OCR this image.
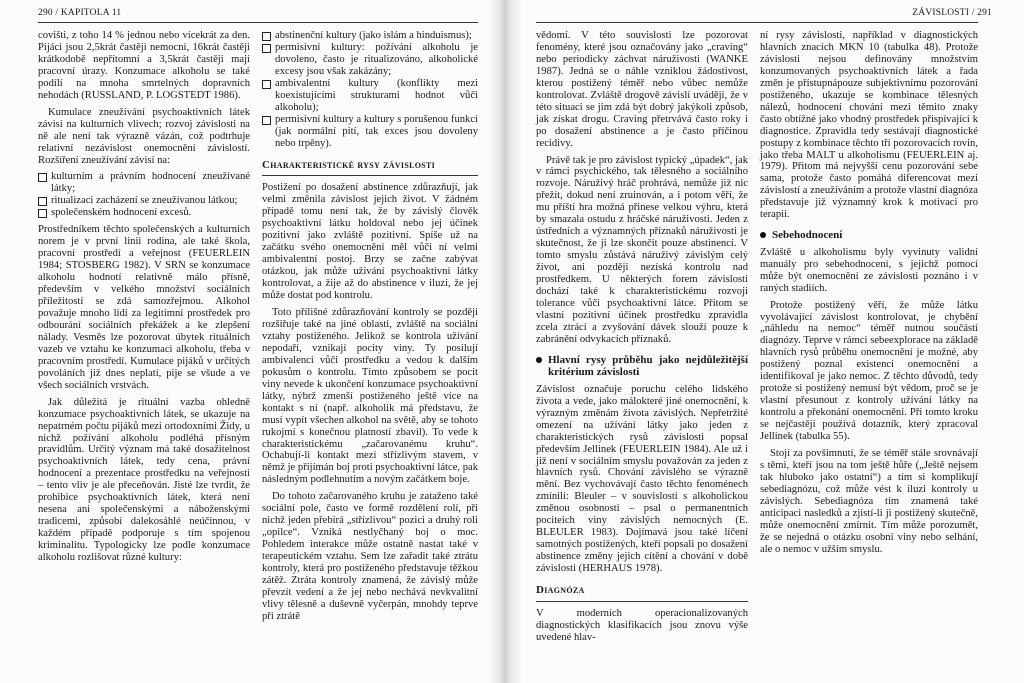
290 / KAPITOLA 11	ZÁVISLOSTI / 291

covišti, z toho 14 % jednou nebo vícekrát za den. Pijáci jsou 2,5krát častěji nemocní, 16krát častěji krátkodobě nepřítomní a 3,5krát častěji mají pracovní úrazy. Konzumace alkoholu se také podílí na mnoha smrtelných dopravních nehodách (RUSSLAND, P. LOGSTEDT 1986).

Kumulace zneužívání psychoaktivních látek závisí na kulturních vlivech; rozvoj závislosti na ně ale není tak výrazně vázán, což podtrhuje relativní nezávislost onemocnění závislostí. Rozšíření zneužívání závisí na:

kulturním a právním hodnocení zneužívané látky;
ritualizaci zacházení se zneužívanou látkou;
společenském hodnocení excesů.

Prostředníkem těchto společenských a kulturních norem je v první linii rodina, ale také škola, pracovní prostředí a veřejnost (FEUERLEIN 1984; STOSBERG 1982). V SRN se konzumace alkoholu hodnotí relativně málo přísně, především v velkého množství sociálních příležitostí se zdá samozřejmou. Alkohol považuje mnoho lidí za legitimní prostředek pro odbourání sociálních překážek a ke zlepšení nálady. Vesměs lze pozorovat úbytek rituálních vazeb ve vztahu ke konzumaci alkoholu, třeba v pracovním prostředí. Kumulace pijáků v určitých povoláních již dnes neplatí, pije se všude a ve všech sociálních vrstvách.

Jak důležitá je rituální vazba ohledně konzumace psychoaktivních látek, se ukazuje na nepatrném počtu pijáků mezi ortodoxními Židy, u nichž požívání alkoholu podléhá přísným pravidlům. Určitý význam má také dosažitelnost psychoaktivních látek, tedy cena, právní hodnocení a prezentace prostředku na veřejnosti – tento vliv je ale přeceňován. Jisté lze tvrdit, že prohibice psychoaktivních látek, která není nesena ani společenskými a náboženskými tradicemi, způsobí dalekosáhlé neúčinnou, v každém případě podporuje s tím spojenou kriminalitu. Typologicky lze podle konzumace alkoholu rozlišovat různé kultury:

abstinenční kultury (jako islám a hinduismus);
permisivní kultury: požívání alkoholu je dovoleno, často je ritualizováno, alkoholické excesy jsou však zakázány;
ambivalentní kultury (konflikty mezi koexistujícími strukturami hodnot vůči alkoholu);
permisivní kultury a kultury s porušenou funkcí (jak normální pití, tak exces jsou dovoleny nebo trpěny).
Charakteristické rysy závislosti

Postižení po dosažení abstinence zdůrazňují, jak velmi změnila závislost jejich život. V žádném případě tomu není tak, že by závislý člověk psychoaktivní látku holdoval nebo jej účinek pozitivní jako zvláště pozitivní. Spíše už na začátku svého onemocnění měl vůči ní velmi ambivalentní postoj. Brzy se začne zabývat otázkou, jak může užívání psychoaktivní látky kontrolovat, a žije až do abstinence v iluzi, že jej může dostat pod kontrolu.

Toto přílišné zdůrazňování kontroly se později rozšiřuje také na jiné oblasti, zvláště na sociální vztahy postiženého. Jelikož se kontrola užívání nepodaří, vznikají pocity viny. Ty posilují ambivalenci vůči prostředku a vedou k dalším pokusům o kontrolu. Tímto způsobem se pocit viny nevede k ukončení konzumace psychoaktivní látky, nýbrž zmenší postiženého ještě více na kontakt s ní (např. alkoholik má představu, že musí vypít všechen alkohol na světě, aby se tohoto rukojmí s konečnou platností zbavil). To vede k charakteristickému „začarovanému kruhu“. Ochabují-li kontakt mezi střízlivým stavem, v němž je přijímán boj proti psychoaktivní látce, pak následným podlehnutím a novým začátkem boje.

Do tohoto začarovaného kruhu je zataženo také sociální pole, často ve formě rozdělení rolí, při nichž jeden přebírá „střízlivou“ pozici a druhý roli „opilce“. Vzniká nestlyčhaný boj o moc. Pohledem interakce může ostatně nastat také v terapeutickém vztahu. Sem lze zařadit také ztrátu kontroly, která pro postiženého představuje těžkou zátěž. Ztráta kontroly znamená, že závislý může převzít vedení a že jej nebo nechává nevkvalitní vlivy tělesně a duševně vyčerpán, mnohdy teprve při ztrátě

vědomí. V této souvislosti lze pozorovat fenomény, které jsou označovány jako „craving“ nebo periodicky záchvat náruživosti (WANKE 1987). Jedná se o náhle vzniklou žádostivost, kterou postižený téměř nebo vůbec nemůže kontrolovat. Zvláště drogově závislí uvádějí, že v této situaci se jim zdá být dobrý jakýkoli způsob, jak získat drogu. Craving přetrvává často roky i po dosažení abstinence a je často příčinou recidivy.

Právě tak je pro závislost typický „úpadek“, jak v rámci psychického, tak tělesného a sociálního rozvoje. Náruživý hráč prohrává, nemůže již nic přežít, dokud není zruinován, a i potom věří, že mu příští hra možná přinese velkou výhru, která by smazala ostudu z hráčské náruživosti. Jeden z ústředních a významných příznaků náruživosti je skutečnost, že ji lze skončit pouze abstinencí. V tomto smyslu zůstává náruživý závislým celý život, ani později nezíská kontrolu nad prostředkem. U některých forem závislosti dochází také k charakteristickému rozvoji tolerance vůči psychoaktivní látce. Přitom se vlastní pozitivní účinek prostředku zpravidla zcela ztrácí a zvyšování dávek slouží pouze k zabránění odvykacích příznaků.

Hlavní rysy průběhu jako nejdůležitější kritérium závislosti

Závislost označuje poruchu celého lidského života a vede, jako málokteré jiné onemocnění, k výrazným změnám života závislých. Nepřetržité omezení na užívání látky jako jeden z charakteristických rysů závislosti popsal především Jellinek (FEUERLEIN 1984). Ale už i již není v sociálním smyslu považován za jeden z hlavních rysů. Chování závislého se výrazně mění. Bez vychovávají často těchto fenoménech zmínili: Bleuler – v souvislosti s alkoholickou změnou osobnosti – psal o permanentních pociteich viny závislých nemocných (E. BLEULER 1983). Dojímavá jsou také líčení samotných postižených, kteří popsali po dosažení abstinence změny jejich cítění a chování v době závislosti (HERHAUS 1978).

Diagnóza

V moderních operacionalizovaných diagnostických klasifikacích jsou znovu výše uvedené hlav-

ní rysy závislosti, například v diagnostických hlavních znacích MKN 10 (tabulka 48). Protože závislosti nejsou definovány množstvím konzumovaných psychoaktivních látek a řada změn je přístupnápouze subjektivnímu pozorování postiženého, ukazuje se kombinace tělesných nálezů, hodnocení chování mezi těmito znaky často obtížné jako vhodný prostředek přispívající k diagnostice. Zpravidla tedy sestávají diagnostické postupy z kombinace těchto tří pozorovacích rovin, jako třeba MALT u alkoholismu (FEUERLEIN aj. 1979). Přitom má nejvyšší cenu pozorování sebe sama, protože často pomáhá diferencovat mezi závislostí a zneužíváním a protože vlastní diagnóza představuje již významný krok k motivaci pro terapii.

Sebehodnocení

Zvláště u alkoholismu byly vyvinuty validní manuály pro sebehodnocení, s jejichž pomocí může být onemocnění ze závislosti poznáno i v raných stadiích.

Protože postižený věří, že může látku vyvolávající závislost kontrolovat, je chybění „náhledu na nemoc“ téměř nutnou součástí diagnózy. Teprve v rámci sebeexplorace na základě hlavních rysů průběhu onemocnění je možné, aby postižený poznal existenci onemocnění a identifikoval je jako nemoc. Z těchto důvodů, tedy protože si postižený nemusí být vědom, proč se je vlastní přesunout z kontroly užívání látky na kontrolu a překonání onemocnění. Při tomto kroku se nejčastěji používá dotazník, který zpracoval Jellinek (tabulka 55).

Stojí za povšimnutí, že se téměř stále srovnávají s těmi, kteří jsou na tom ještě hůře („Ještě nejsem tak hluboko jako ostatní“) a tím si komplikují sebediagnózu, což může vést k iluzi kontroly u závislých. Sebediagnóza tím znamená také anticipaci nasledků a zjistí-li ji postižený skutečně, může onemocnění zmírnit. Tím může porozumět, že se nejedná o otázku osobní viny nebo selhání, ale o nemoc v užším smyslu.
